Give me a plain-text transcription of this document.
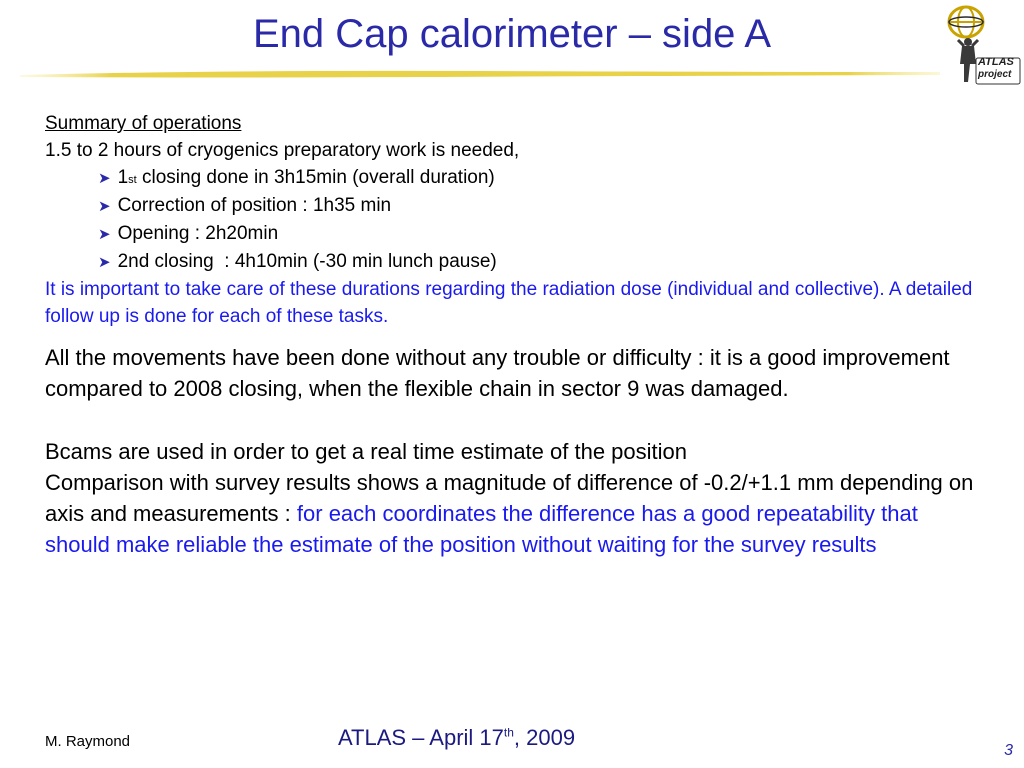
End Cap calorimeter – side A
ATLAS
project
Summary of operations
1.5 to 2 hours of cryogenics preparatory work is needed,
➤ 1 st closing done in 3h15min (overall duration)
➤ Correction of position : 1h35 min
➤ Opening : 2h20min
➤ 2nd closing  : 4h10min (-30 min lunch pause)
It is important to take care of these durations regarding the radiation dose (individual and collective). A detailed follow up is done for each of these tasks.
All the movements have been done without any trouble or difficulty : it is a good improvement compared to 2008 closing, when the flexible chain in sector 9 was damaged.
Bcams are used in order to get a real time estimate of the position
Comparison with survey results shows a magnitude of difference of -0.2/+1.1 mm depending on axis and measurements : for each coordinates the difference has a good repeatability that should make reliable the estimate of the position without waiting for the survey results
M. Raymond	ATLAS – April 17th, 2009
3
